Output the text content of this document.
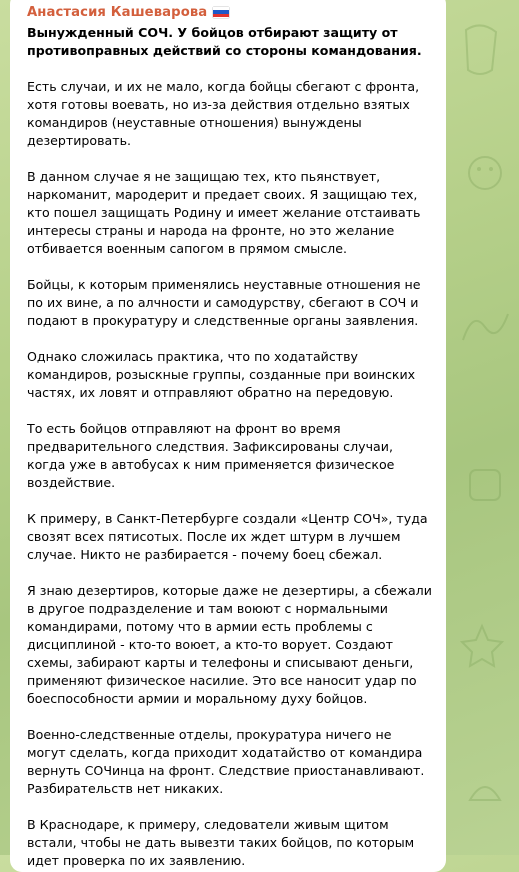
Анастасия Кашеварова

Вынужденный СОЧ. У бойцов отбирают защиту от противоправных действий со стороны командования.

Есть случаи, и их не мало, когда бойцы сбегают с фронта, хотя готовы воевать, но из-за действия отдельно взятых командиров (неуставные отношения) вынуждены дезертировать.

В данном случае я не защищаю тех, кто пьянствует, наркоманит, мародерит и предает своих. Я защищаю тех, кто пошел защищать Родину и имеет желание отстаивать интересы страны и народа на фронте, но это желание отбивается военным сапогом в прямом смысле.

Бойцы, к которым применялись неуставные отношения не по их вине, а по алчности и самодурству, сбегают в СОЧ и подают в прокуратуру и следственные органы заявления.

Однако сложилась практика, что по ходатайству командиров, розыскные группы, созданные при воинских частях, их ловят и отправляют обратно на передовую.

То есть бойцов отправляют на фронт во время предварительного следствия. Зафиксированы случаи, когда уже в автобусах к ним применяется физическое воздействие.

К примеру, в Санкт-Петербурге создали «Центр СОЧ», туда свозят всех пятисотых. После их ждет штурм в лучшем случае. Никто не разбирается - почему боец сбежал.

Я знаю дезертиров, которые даже не дезертиры, а сбежали в другое подразделение и там воюют с нормальными командирами, потому что в армии есть проблемы с дисциплиной - кто-то воюет, а кто-то ворует. Создают схемы, забирают карты и телефоны и списывают деньги, применяют физическое насилие. Это все наносит удар по боеспособности армии и моральному духу бойцов.

Военно-следственные отделы, прокуратура ничего не могут сделать, когда приходит ходатайство от командира вернуть СОЧинца на фронт. Следствие приостанавливают. Разбирательств нет никаких.

В Краснодаре, к примеру, следователи живым щитом встали, чтобы не дать вывезти таких бойцов, по которым идет проверка по их заявлению.
